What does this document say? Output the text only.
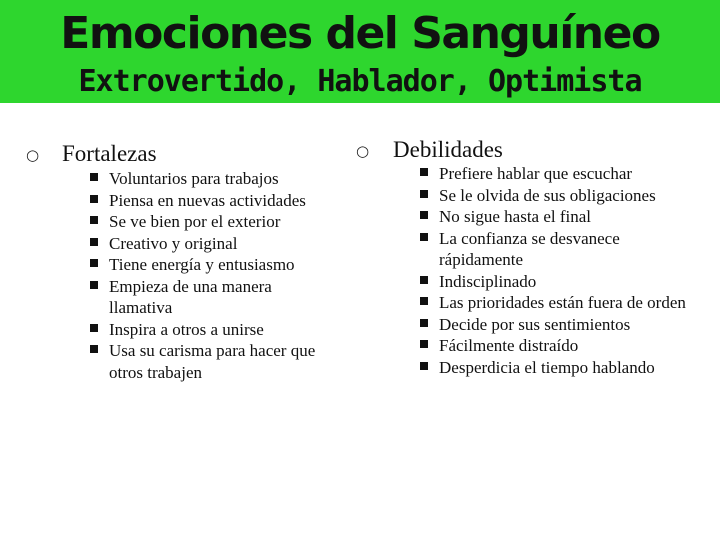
Emociones del Sanguíneo
Extrovertido, Hablador, Optimista
○ Fortalezas
Voluntarios para trabajos
Piensa en nuevas actividades
Se ve bien por el exterior
Creativo y original
Tiene energía y entusiasmo
Empieza de una manera llamativa
Inspira a otros a unirse
Usa su carisma para hacer que otros trabajen
○ Debilidades
Prefiere hablar que escuchar
Se le olvida de sus obligaciones
No sigue hasta el final
La confianza se desvanece rápidamente
Indisciplinado
Las prioridades están fuera de orden
Decide por sus sentimientos
Fácilmente distraído
Desperdicia el tiempo hablando
